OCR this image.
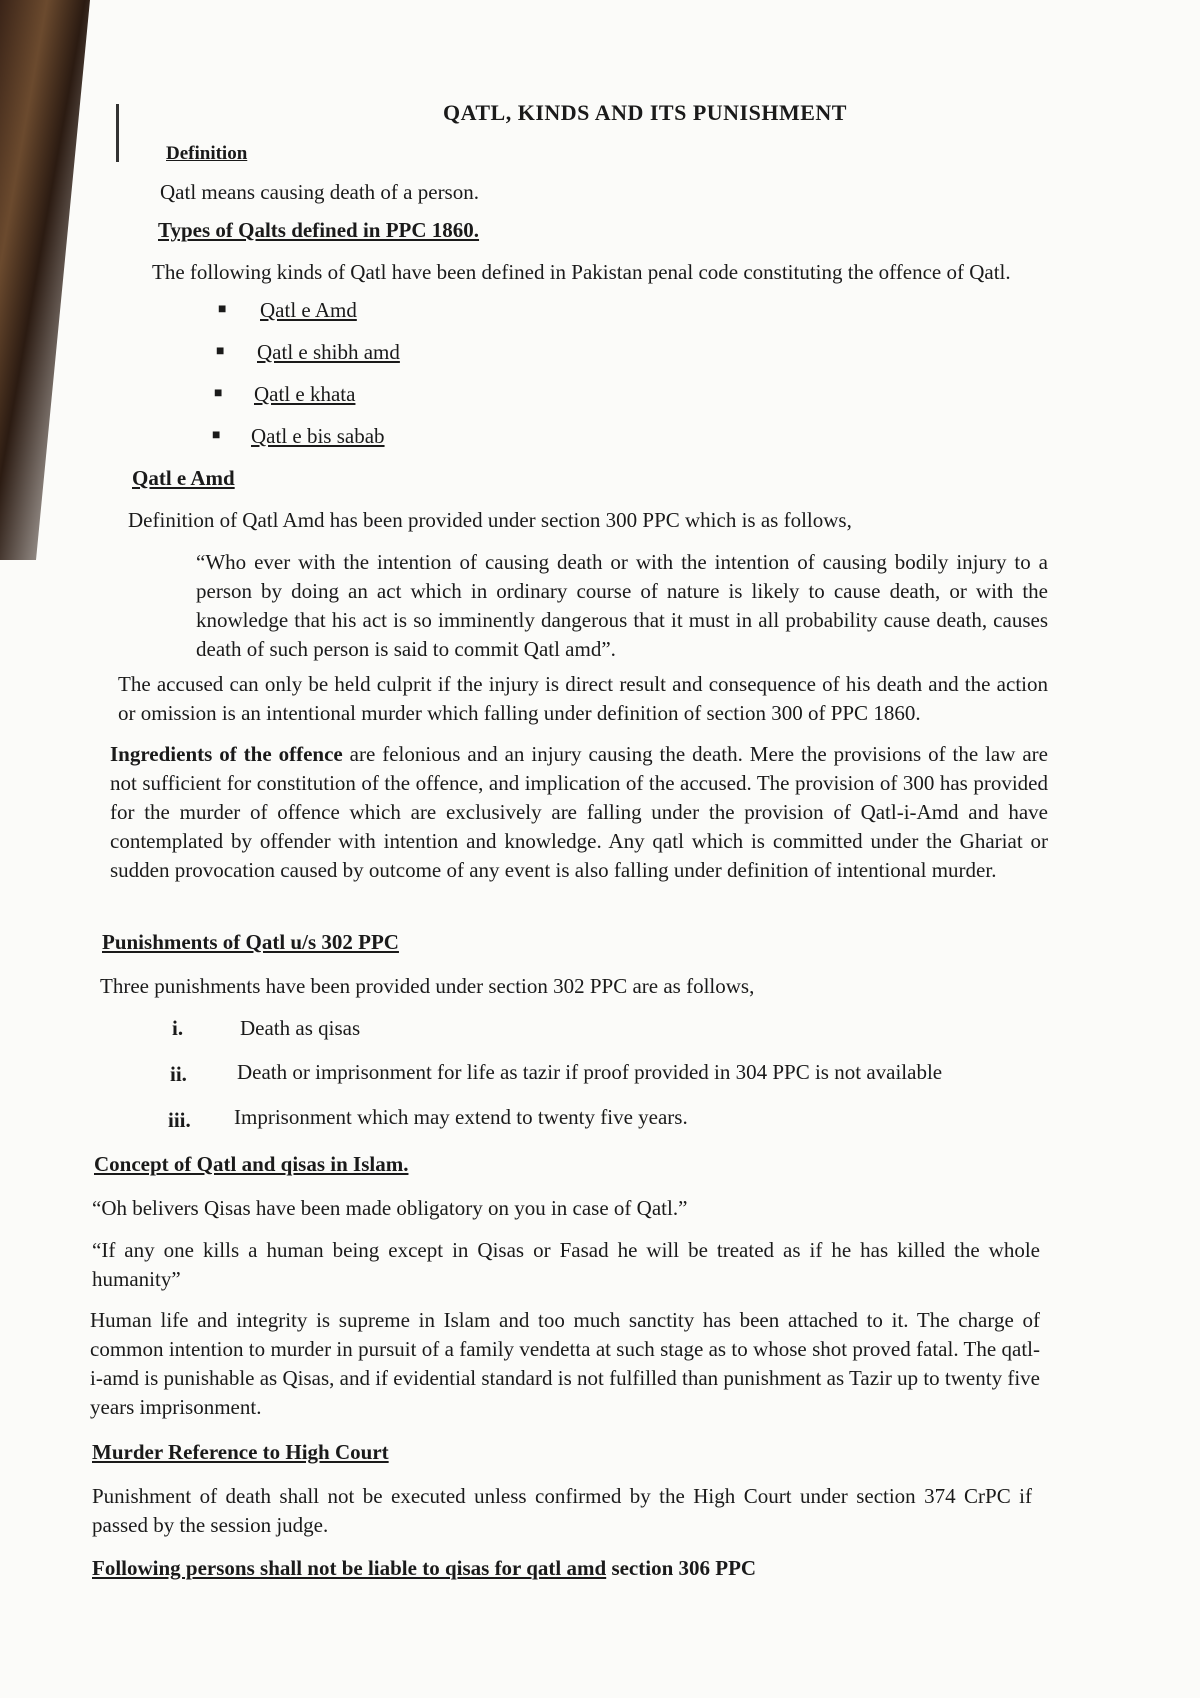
QATL, KINDS AND ITS PUNISHMENT
Definition
Qatl means causing death of a person.
Types of Qalts defined in PPC 1860.
The following kinds of Qatl have been defined in Pakistan penal code constituting the offence of Qatl.
■ Qatl e Amd
■ Qatl e shibh amd
■ Qatl e khata
■ Qatl e bis sabab
Qatl e Amd
Definition of Qatl Amd has been provided under section 300 PPC which is as follows,
“Who ever with the intention of causing death or with the intention of causing bodily injury to a person by doing an act which in ordinary course of nature is likely to cause death, or with the knowledge that his act is so imminently dangerous that it must in all probability cause death, causes death of such person is said to commit Qatl amd”.
The accused can only be held culprit if the injury is direct result and consequence of his death and the action or omission is an intentional murder which falling under definition of section 300 of PPC 1860.
Ingredients of the offence are felonious and an injury causing the death. Mere the provisions of the law are not sufficient for constitution of the offence, and implication of the accused. The provision of 300 has provided for the murder of offence which are exclusively are falling under the provision of Qatl-i-Amd and have contemplated by offender with intention and knowledge. Any qatl which is committed under the Ghariat or sudden provocation caused by outcome of any event is also falling under definition of intentional murder.
Punishments of Qatl u/s 302 PPC
Three punishments have been provided under section 302 PPC are as follows,
i.	Death as qisas
ii. Death or imprisonment for life as tazir if proof provided in 304 PPC is not available
iii. Imprisonment which may extend to twenty five years.
Concept of Qatl and qisas in Islam.
“Oh belivers Qisas have been made obligatory on you in case of Qatl.”
“If any one kills a human being except in Qisas or Fasad he will be treated as if he has killed the whole humanity”
Human life and integrity is supreme in Islam and too much sanctity has been attached to it. The charge of common intention to murder in pursuit of a family vendetta at such stage as to whose shot proved fatal. The qatl-i-amd is punishable as Qisas, and if evidential standard is not fulfilled than punishment as Tazir up to twenty five years imprisonment.
Murder Reference to High Court
Punishment of death shall not be executed unless confirmed by the High Court under section 374 CrPC if passed by the session judge.
Following persons shall not be liable to qisas for qatl amd section 306 PPC
